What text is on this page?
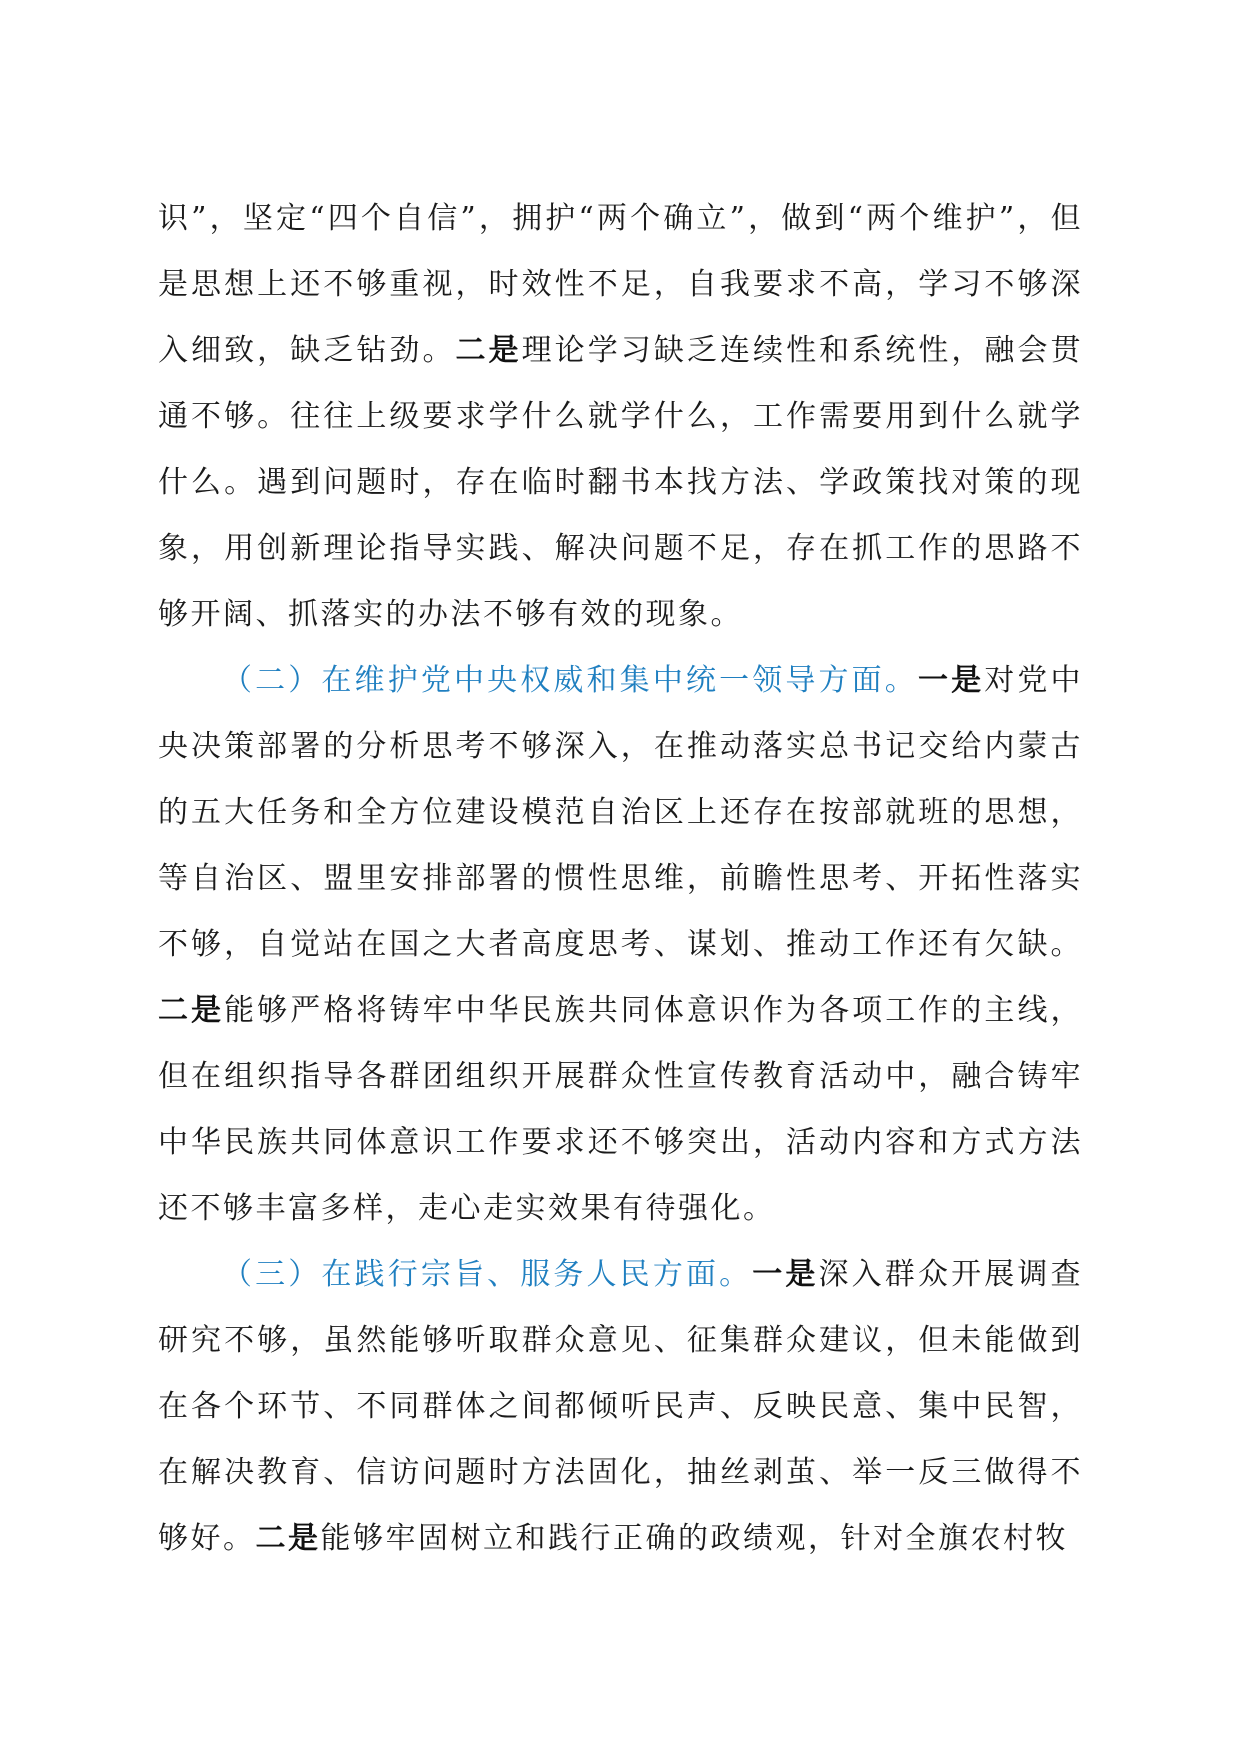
识”，坚定“四个自信”，拥护“两个确立”，做到“两个维护”，但是思想上还不够重视，时效性不足，自我要求不高，学习不够深入细致，缺乏钻劲。二是理论学习缺乏连续性和系统性，融会贯通不够。往往上级要求学什么就学什么，工作需要用到什么就学什么。遇到问题时，存在临时翻书本找方法、学政策找对策的现象，用创新理论指导实践、解决问题不足，存在抓工作的思路不够开阔、抓落实的办法不够有效的现象。

（二）在维护党中央权威和集中统一领导方面。一是对党中央决策部署的分析思考不够深入，在推动落实总书记交给内蒙古的五大任务和全方位建设模范自治区上还存在按部就班的思想，等自治区、盟里安排部署的惯性思维，前瞻性思考、开拓性落实不够，自觉站在国之大者高度思考、谋划、推动工作还有欠缺。二是能够严格将铸牢中华民族共同体意识作为各项工作的主线，但在组织指导各群团组织开展群众性宣传教育活动中，融合铸牢中华民族共同体意识工作要求还不够突出，活动内容和方式方法还不够丰富多样，走心走实效果有待强化。

（三）在践行宗旨、服务人民方面。一是深入群众开展调查研究不够，虽然能够听取群众意见、征集群众建议，但未能做到在各个环节、不同群体之间都倾听民声、反映民意、集中民智，在解决教育、信访问题时方法固化，抽丝剥茧、举一反三做得不够好。二是能够牢固树立和践行正确的政绩观，针对全旗农村牧
